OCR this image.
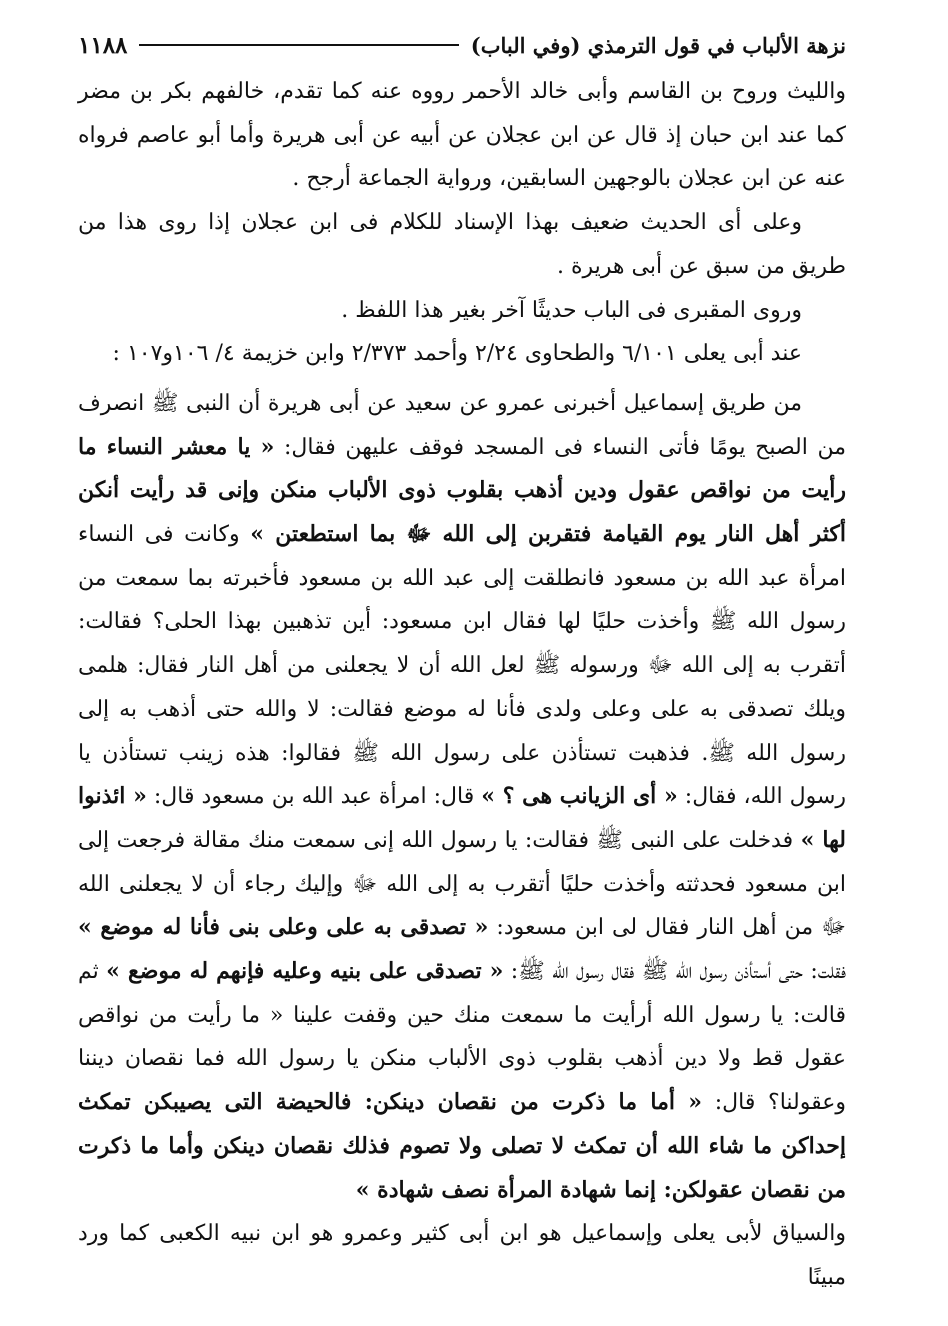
نزهة الألباب في قول الترمذي (وفي الباب)
١١٨٨

والليث وروح بن القاسم وأبى خالد الأحمر رووه عنه كما تقدم، خالفهم بكر بن مضر كما عند ابن حبان إذ قال عن ابن عجلان عن أبيه عن أبى هريرة وأما أبو عاصم فرواه عنه عن ابن عجلان بالوجهين السابقين، ورواية الجماعة أرجح .

وعلى أى الحديث ضعيف بهذا الإسناد للكلام فى ابن عجلان إذا روى هذا من طريق من سبق عن أبى هريرة .

وروى المقبرى فى الباب حديثًا آخر بغير هذا اللفظ .

عند أبى يعلى ٦/١٠١ والطحاوى ٢/٢٤ وأحمد ٢/٣٧٣ وابن خزيمة ٤/ ١٠٦و١٠٧ :

من طريق إسماعيل أخبرنى عمرو عن سعيد عن أبى هريرة أن النبى ﷺ انصرف من الصبح يومًا فأتى النساء فى المسجد فوقف عليهن فقال: « يا معشر النساء ما رأيت من نواقص عقول ودين أذهب بقلوب ذوى الألباب منكن وإنى قد رأيت أنكن أكثر أهل النار يوم القيامة فتقربن إلى الله ﷻ بما استطعتن » وكانت فى النساء امرأة عبد الله بن مسعود فانطلقت إلى عبد الله بن مسعود فأخبرته بما سمعت من رسول الله ﷺ وأخذت حليًا لها فقال ابن مسعود: أين تذهبين بهذا الحلى؟ فقالت: أتقرب به إلى الله ﷻ ورسوله ﷺ لعل الله أن لا يجعلنى من أهل النار فقال: هلمى ويلك تصدقى به على وعلى ولدى فأنا له موضع فقالت: لا والله حتى أذهب به إلى رسول الله ﷺ. فذهبت تستأذن على رسول الله ﷺ فقالوا: هذه زينب تستأذن يا رسول الله، فقال: « أى الزيانب هى ؟ » قال: امرأة عبد الله بن مسعود قال: « ائذنوا لها » فدخلت على النبى ﷺ فقالت: يا رسول الله إنى سمعت منك مقالة فرجعت إلى ابن مسعود فحدثته وأخذت حليًا أتقرب به إلى الله ﷻ وإليك رجاء أن لا يجعلنى الله ﷻ من أهل النار فقال لى ابن مسعود: « تصدقى به على وعلى بنى فأنا له موضع » فقلت: حتى أستأذن رسول الله ﷺ فقال رسول الله ﷺ: « تصدقى على بنيه وعليه فإنهم له موضع » ثم قالت: يا رسول الله أرأيت ما سمعت منك حين وقفت علينا « ما رأيت من نواقص عقول قط ولا دين أذهب بقلوب ذوى الألباب منكن يا رسول الله فما نقصان ديننا وعقولنا؟ قال: « أما ما ذكرت من نقصان دينكن: فالحيضة التى يصيبكن تمكث إحداكن ما شاء الله أن تمكث لا تصلى ولا تصوم فذلك نقصان دينكن وأما ما ذكرت من نقصان عقولكن: إنما شهادة المرأة نصف شهادة »

والسياق لأبى يعلى وإسماعيل هو ابن أبى كثير وعمرو هو ابن نبيه الكعبى كما ورد مبينًا
